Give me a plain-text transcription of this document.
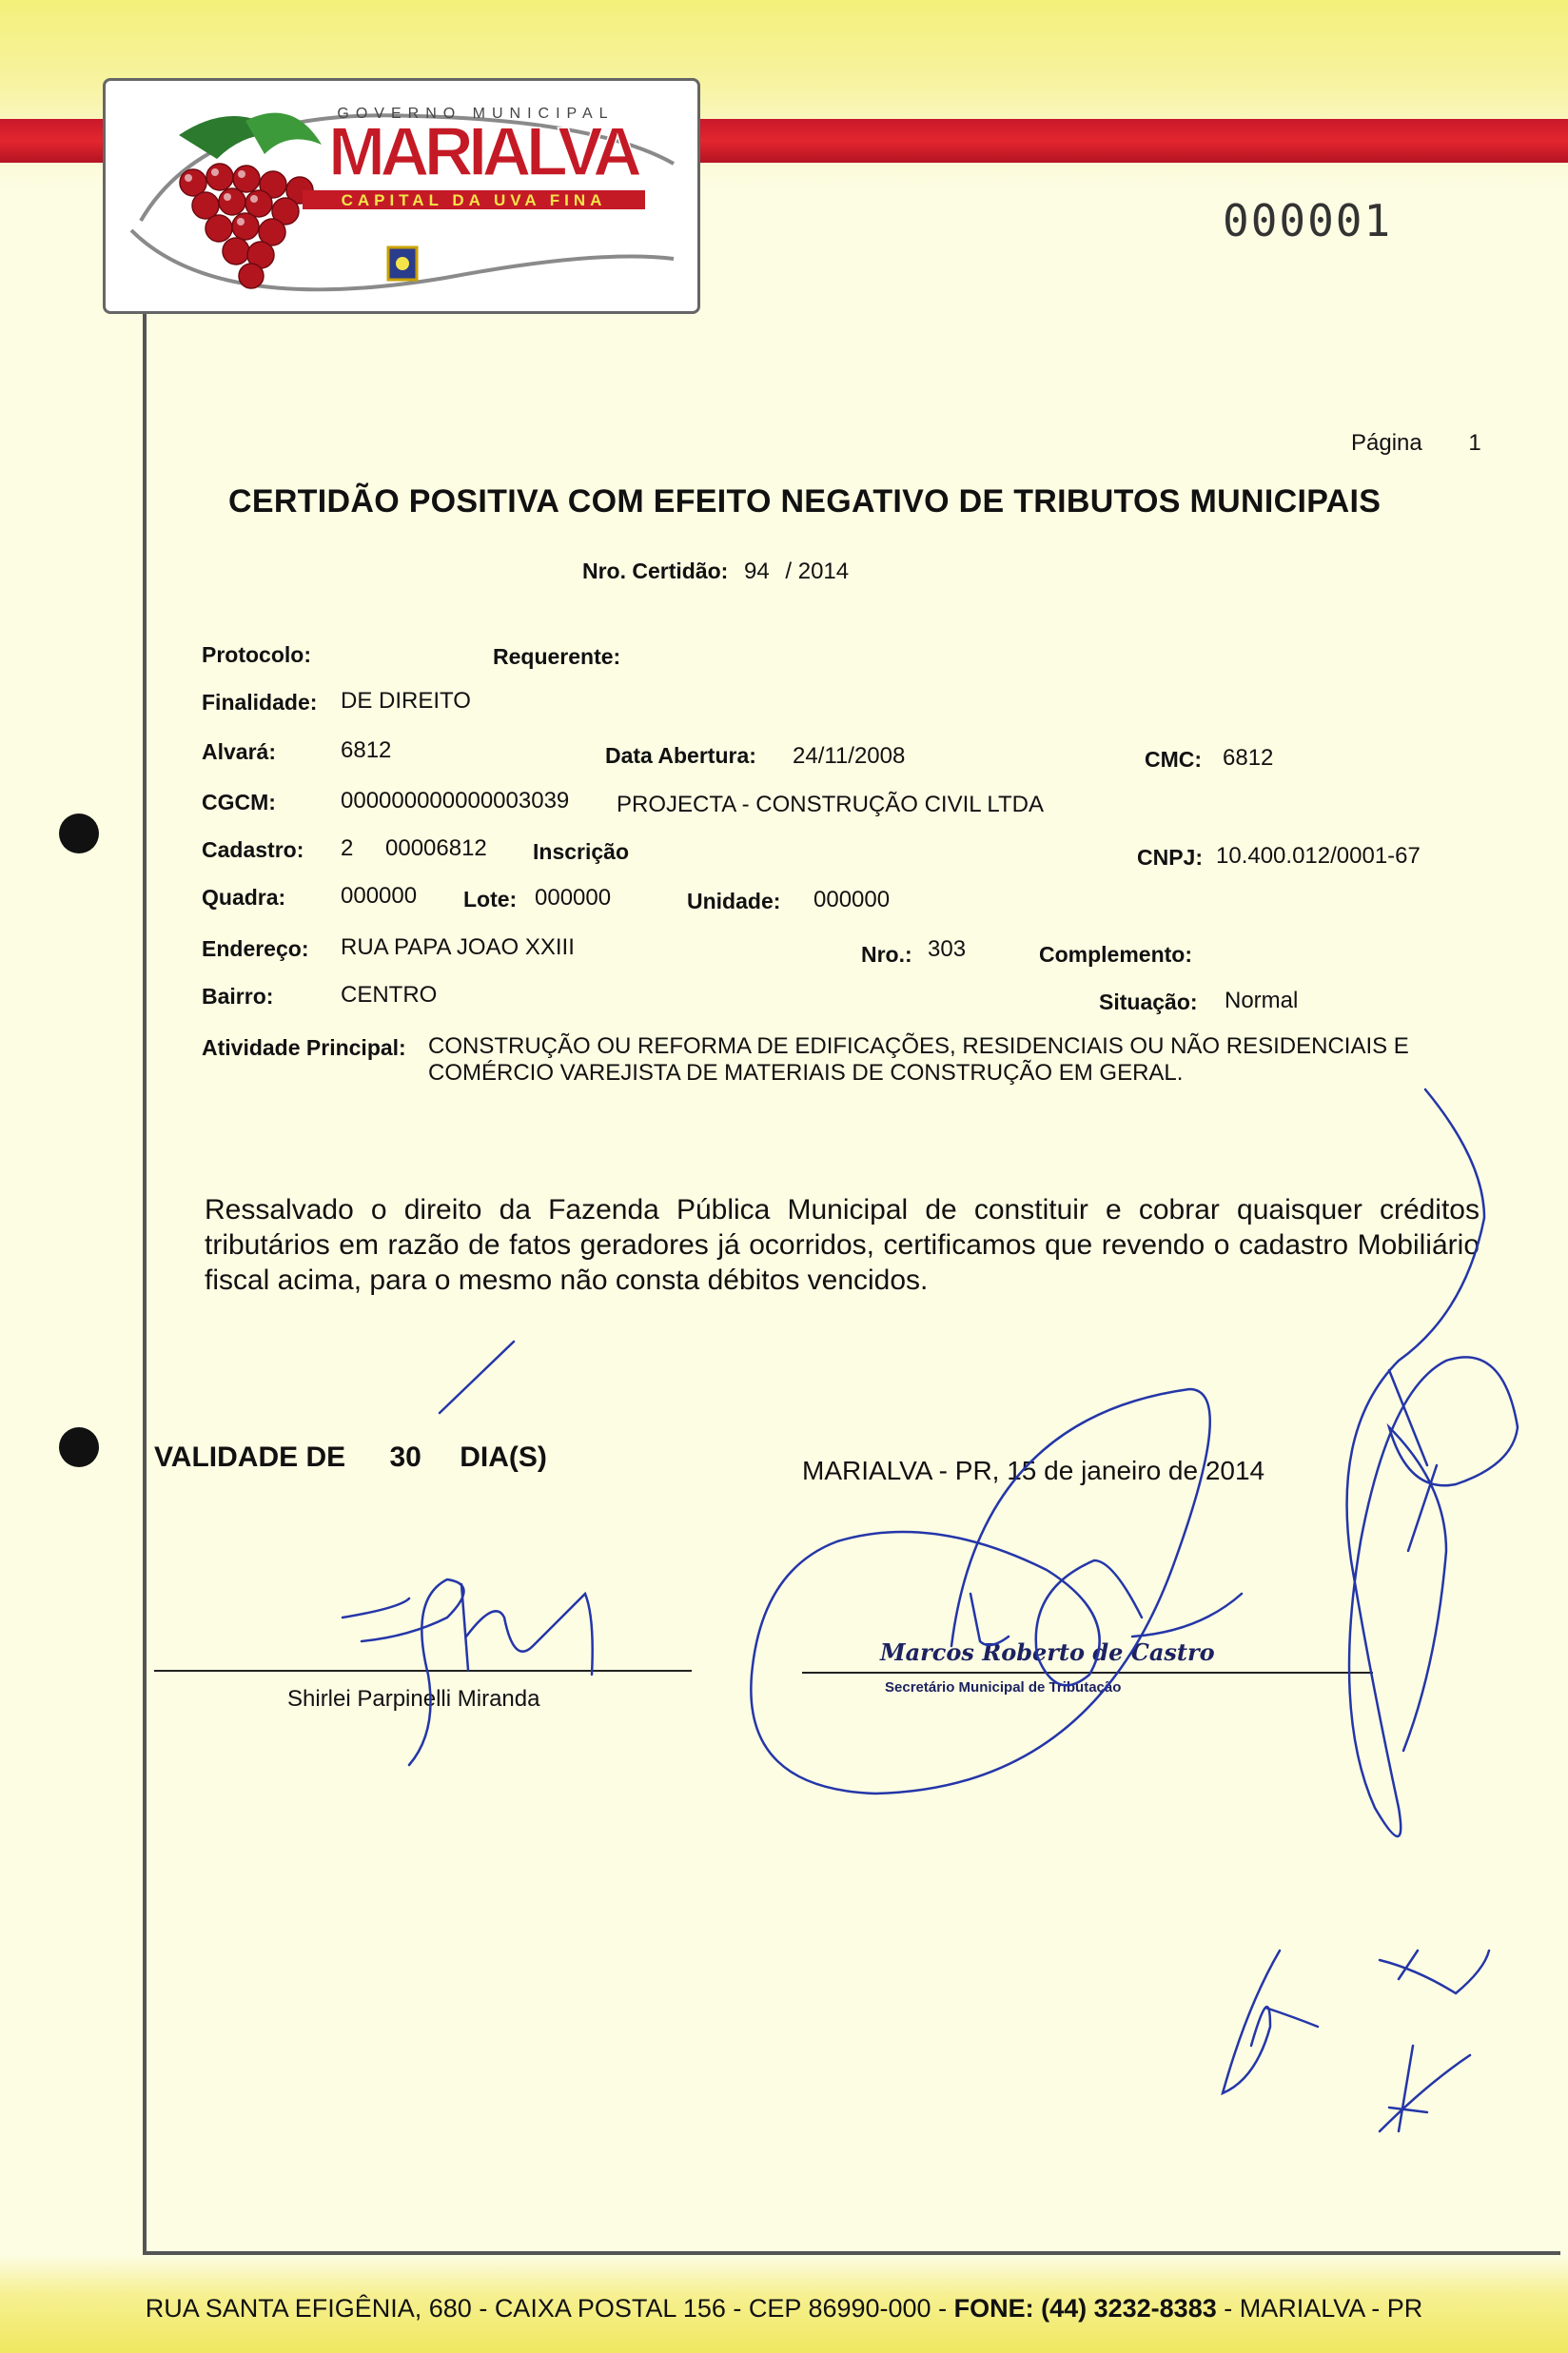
GOVERNO MUNICIPAL
MARIALVA
CAPITAL DA UVA FINA	000001
Página 1
CERTIDÃO POSITIVA COM EFEITO NEGATIVO DE TRIBUTOS MUNICIPAIS
Nro. Certidão: 94 / 2014
Protocolo:	Requerente:
Finalidade: DE DIREITO
Alvará:	6812	Data Abertura: 24/11/2008	CMC: 6812
CGCM:	000000000000003039 PROJECTA - CONSTRUÇÃO CIVIL LTDA
Cadastro: 2 00006812 Inscrição	CNPJ: 10.400.012/0001-67
Quadra: 000000 Lote: 000000	Unidade: 000000
Endereço: RUA PAPA JOAO XXIII	Nro.: 303	Complemento:
Bairro:	CENTRO	Situação: Normal
Atividade Principal: CONSTRUÇÃO OU REFORMA DE EDIFICAÇÕES, RESIDENCIAIS OU NÃO RESIDENCIAIS E
COMÉRCIO VAREJISTA DE MATERIAIS DE CONSTRUÇÃO EM GERAL.
Ressalvado o direito da Fazenda Pública Municipal de constituir e cobrar quaisquer créditos tributários em razão de fatos geradores já ocorridos, certificamos que revendo o cadastro Mobiliário fiscal acima, para o mesmo não consta débitos vencidos.
VALIDADE DE 30 DIA(S)	MARIALVA - PR, 15 de janeiro de 2014
Shirlei Parpinelli Miranda
Marcos Roberto de Castro
Secretário Municipal de Tributação
RUA SANTA EFIGÊNIA, 680 - CAIXA POSTAL 156 - CEP 86990-000 - FONE: (44) 3232-8383 - MARIALVA - PR
